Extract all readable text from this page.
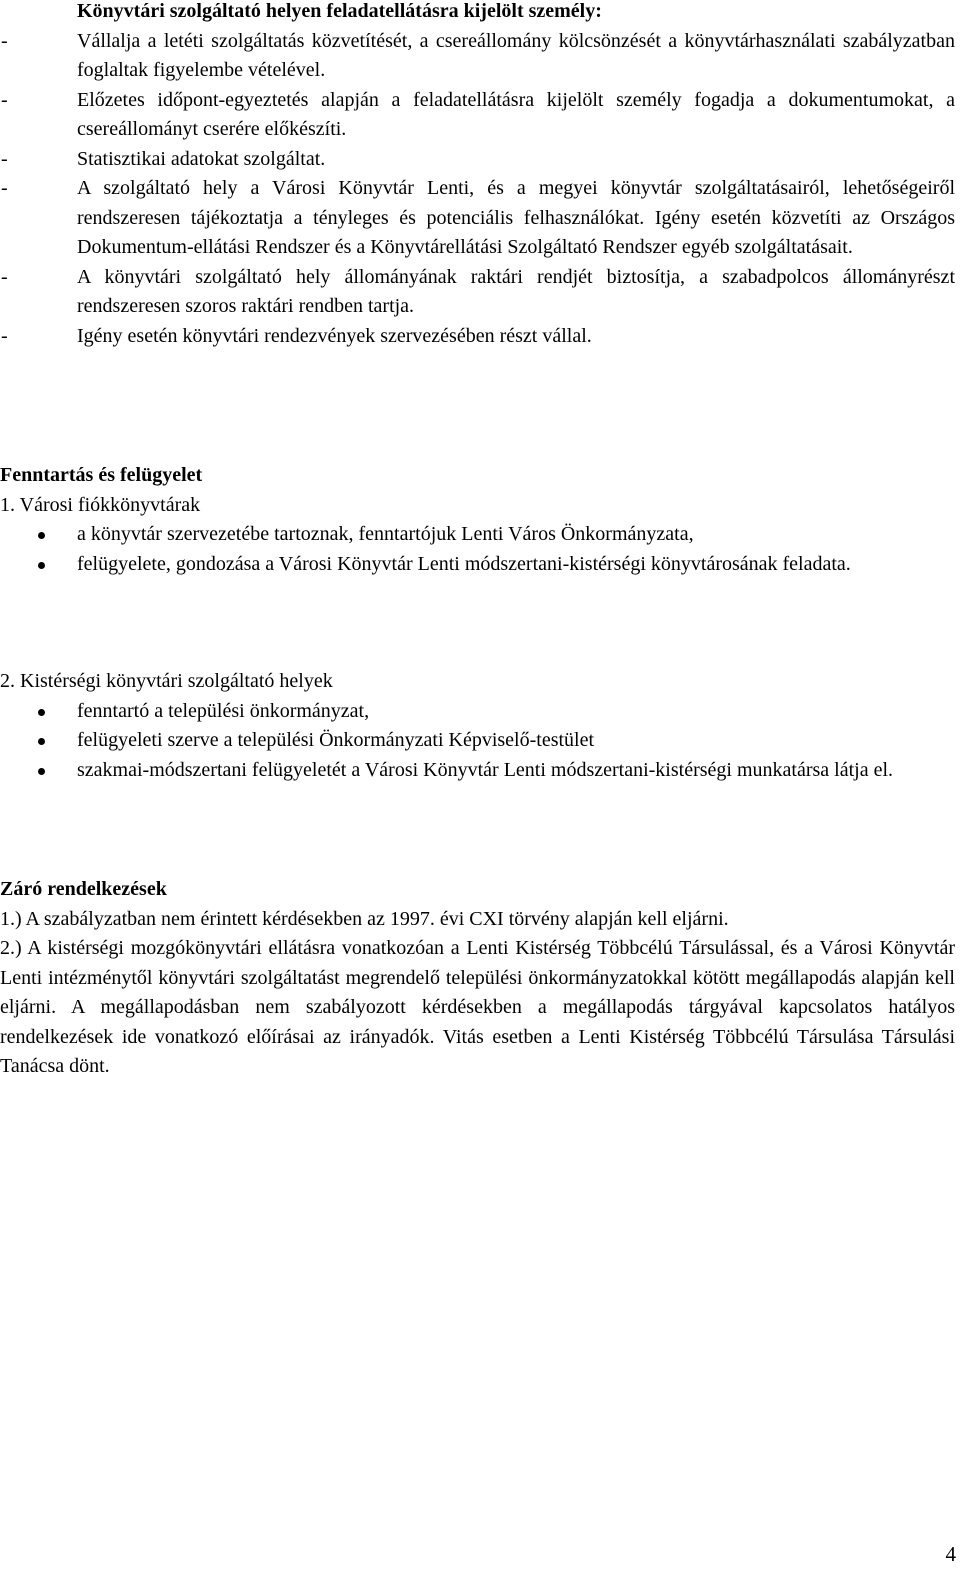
Könyvtári szolgáltató helyen feladatellátásra kijelölt személy:

-	Vállalja a letéti szolgáltatás közvetítését, a csereállomány kölcsönzését a könyvtárhasználati szabályzatban foglaltak figyelembe vételével.
-	Előzetes időpont-egyeztetés alapján a feladatellátásra kijelölt személy fogadja a dokumentumokat, a csereállományt cserére előkészíti.
-	Statisztikai adatokat szolgáltat.
-	A szolgáltató hely a Városi Könyvtár Lenti, és a megyei könyvtár szolgáltatásairól, lehetőségeiről rendszeresen tájékoztatja a tényleges és potenciális felhasználókat. Igény esetén közvetíti az Országos Dokumentum-ellátási Rendszer és a Könyvtárellátási Szolgáltató Rendszer egyéb szolgáltatásait.
-	A könyvtári szolgáltató hely állományának raktári rendjét biztosítja, a szabadpolcos állományrészt rendszeresen szoros raktári rendben tartja.
-	Igény esetén könyvtári rendezvények szervezésében részt vállal.

Fenntartás és felügyelet

1. Városi fiókkönyvtárak

a könyvtár szervezetébe tartoznak, fenntartójuk Lenti Város Önkormányzata,
felügyelete, gondozása a Városi Könyvtár Lenti módszertani-kistérségi könyvtárosának feladata.

2. Kistérségi könyvtári szolgáltató helyek

fenntartó a települési önkormányzat,
felügyeleti szerve a települési Önkormányzati Képviselő-testület
szakmai-módszertani felügyeletét a Városi Könyvtár Lenti módszertani-kistérségi munkatársa látja el.

Záró rendelkezések

1.) A szabályzatban nem érintett kérdésekben az 1997. évi CXI törvény alapján kell eljárni.

2.) A kistérségi mozgókönyvtári ellátásra vonatkozóan a Lenti Kistérség Többcélú Társulással, és a Városi Könyvtár Lenti intézménytől könyvtári szolgáltatást megrendelő települési önkormányzatokkal kötött megállapodás alapján kell eljárni. A megállapodásban nem szabályozott kérdésekben a megállapodás tárgyával kapcsolatos hatályos rendelkezések ide vonatkozó előírásai az irányadók. Vitás esetben a Lenti Kistérség Többcélú Társulása Társulási Tanácsa dönt.

4
